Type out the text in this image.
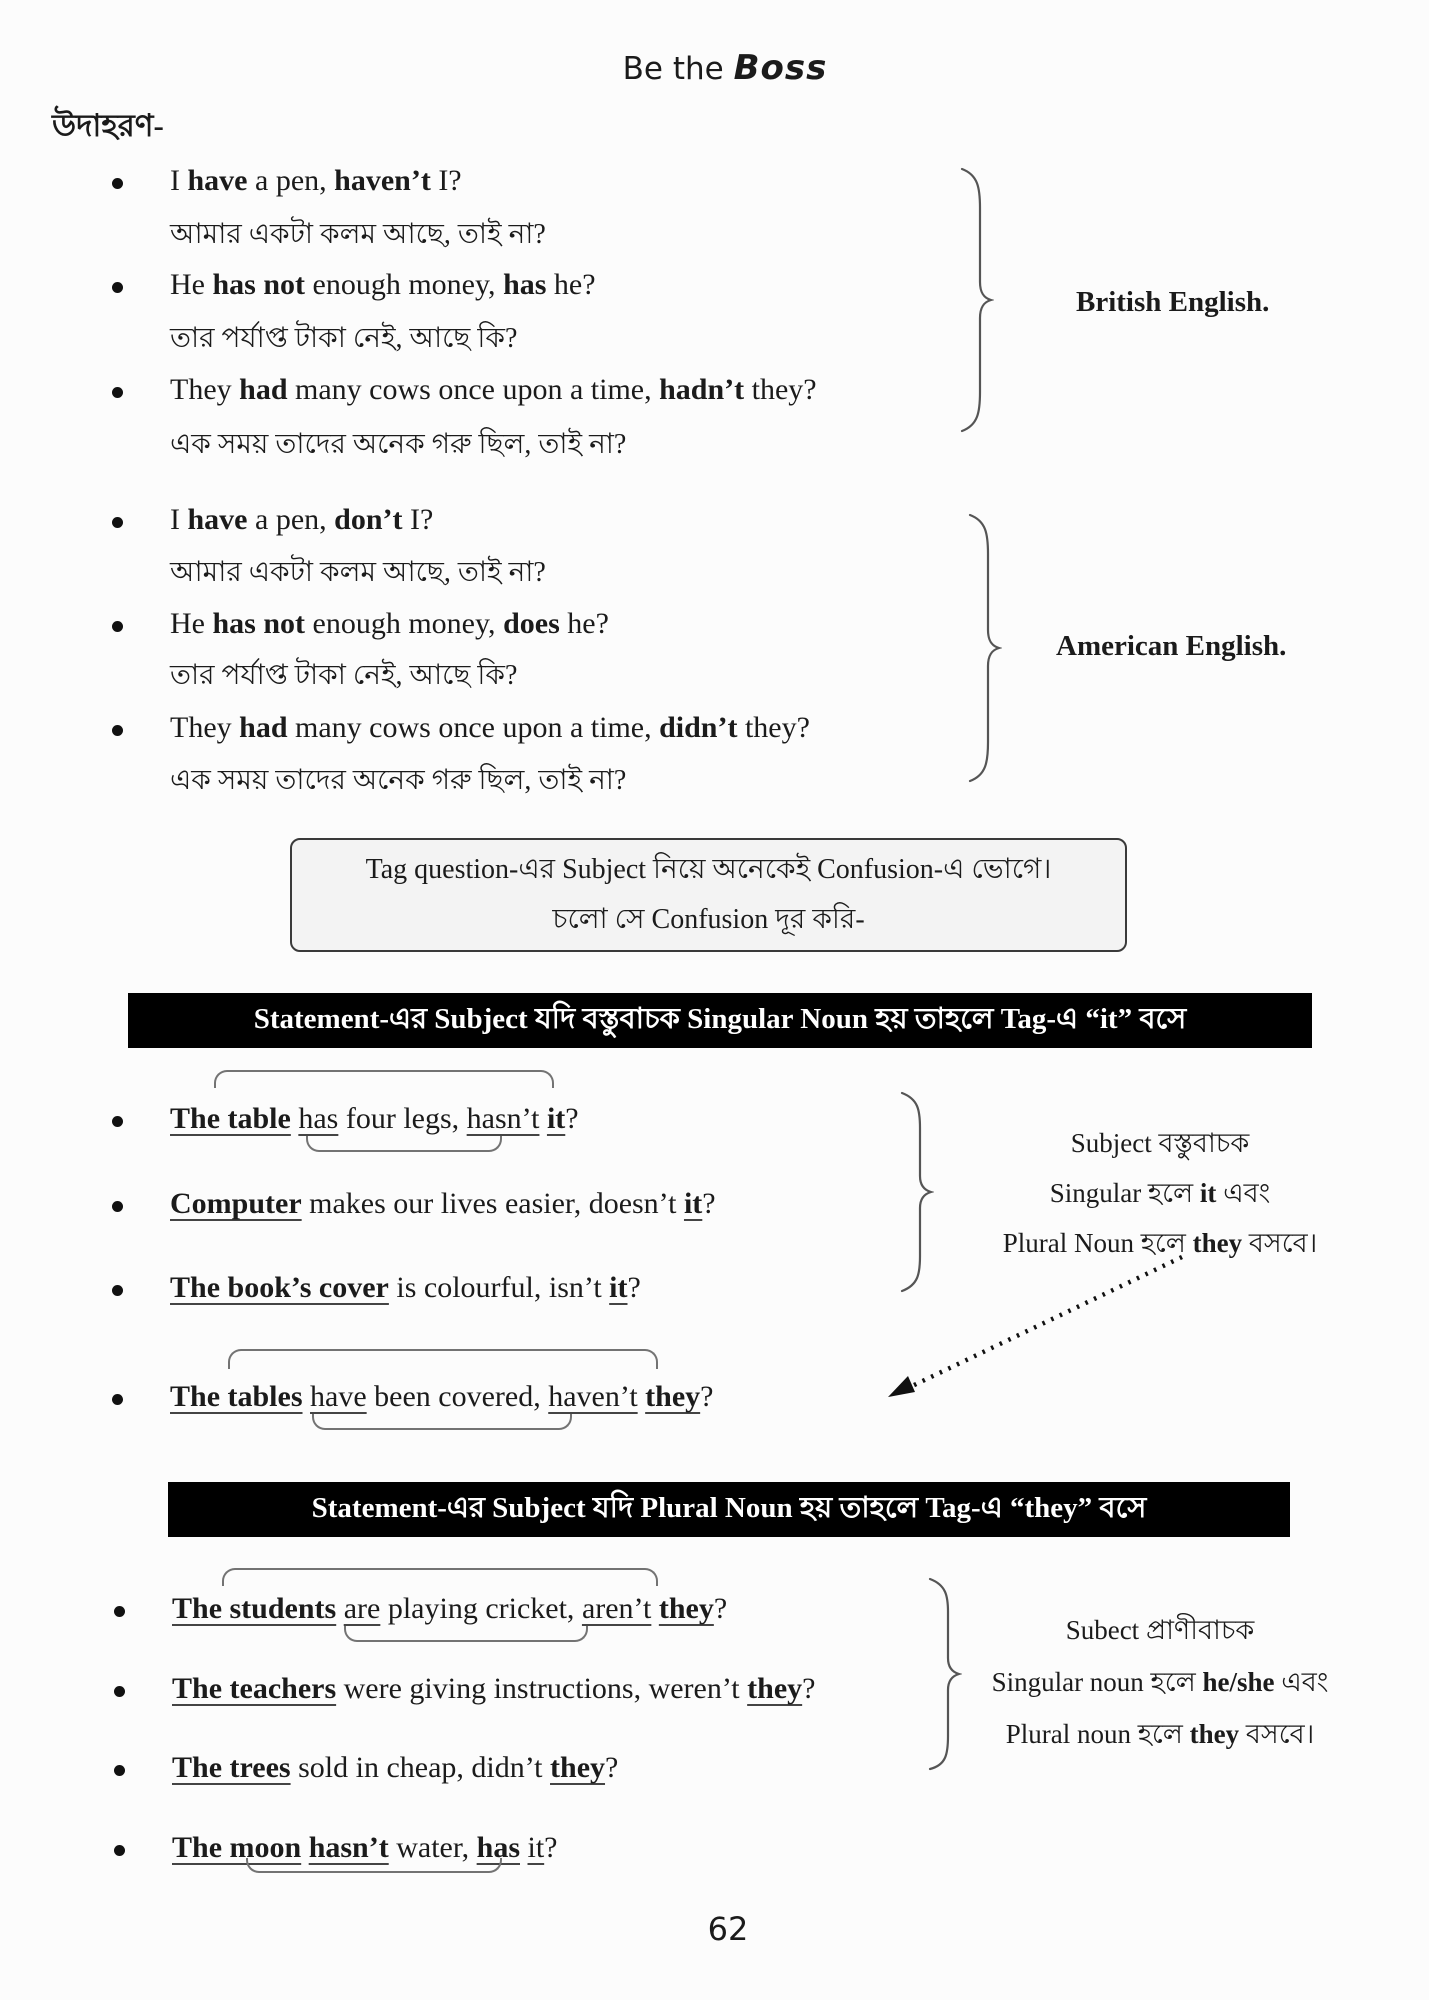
Be the Boss
উদাহরণ-
I have a pen, haven’t I?
আমার একটা কলম আছে, তাই না?
He has not enough money, has he?
তার পর্যাপ্ত টাকা নেই, আছে কি?
They had many cows once upon a time, hadn’t they?
এক সময় তাদের অনেক গরু ছিল, তাই না?
British English.
I have a pen, don’t I?
আমার একটা কলম আছে, তাই না?
He has not enough money, does he?
তার পর্যাপ্ত টাকা নেই, আছে কি?
They had many cows once upon a time, didn’t they?
এক সময় তাদের অনেক গরু ছিল, তাই না?
American English.
Tag question-এর Subject নিয়ে অনেকেই Confusion-এ ভোগে।
চলো সে Confusion দূর করি-
Statement-এর Subject যদি বস্তুবাচক Singular Noun হয় তাহলে Tag-এ “it” বসে
The table has four legs, hasn’t it?
Computer makes our lives easier, doesn’t it?
The book’s cover is colourful, isn’t it?
Subject বস্তুবাচক
Singular হলে it এবং
Plural Noun হলে they বসবে।
The tables have been covered, haven’t they?
Statement-এর Subject যদি Plural Noun হয় তাহলে Tag-এ “they” বসে
The students are playing cricket, aren’t they?
The teachers were giving instructions, weren’t they?
The trees sold in cheap, didn’t they?
The moon hasn’t water, has it?
Subect প্রাণীবাচক
Singular noun হলে he/she এবং
Plural noun হলে they বসবে।
62
